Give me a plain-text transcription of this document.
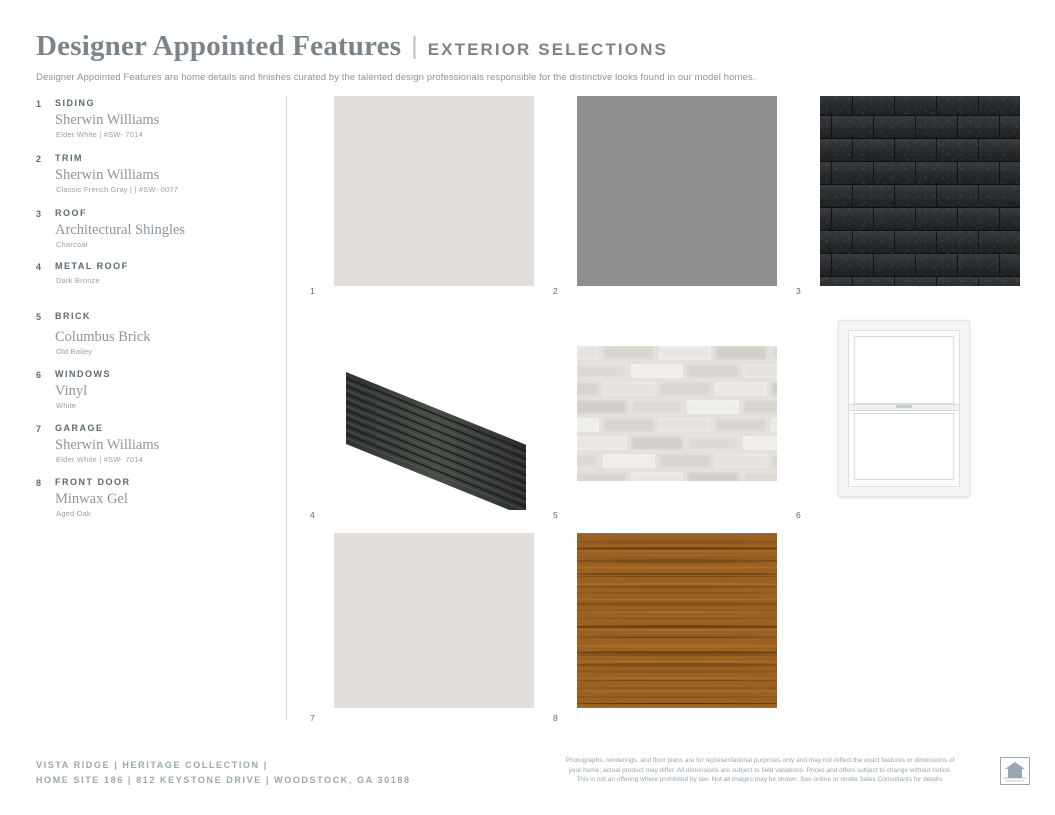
Designer Appointed Features | EXTERIOR SELECTIONS
Designer Appointed Features are home details and finishes curated by the talented design professionals responsible for the distinctive looks found in our model homes.
1 SIDING
Sherwin Williams
Elder White | #SW- 7014
2 TRIM
Sherwin Williams
Classic French Gray | | #SW- 0077
3 ROOF
Architectural Shingles
Charcoal
4 METAL ROOF
Dark Bronze
5 BRICK
Columbus Brick
Old Bailey
6 WINDOWS
Vinyl
White
7 GARAGE
Sherwin Williams
Elder White | #SW- 7014
8 FRONT DOOR
Minwax Gel
Aged Oak
1	2	3
4	5	6
7	8
VISTA RIDGE | HERITAGE COLLECTION |
HOME SITE 186 | 812 KEYSTONE DRIVE | WOODSTOCK, GA 30188
Photographs, renderings, and floor plans are for representational purposes only and may not reflect the exact features or dimensions of
your home; actual product may differ. All dimensions are subject to field variations. Prices and offers subject to change without notice.
This is not an offering where prohibited by law. Not all images may be shown. See online or onsite Sales Consultants for details.	EQUAL HOUSING OPPORTUNITY
